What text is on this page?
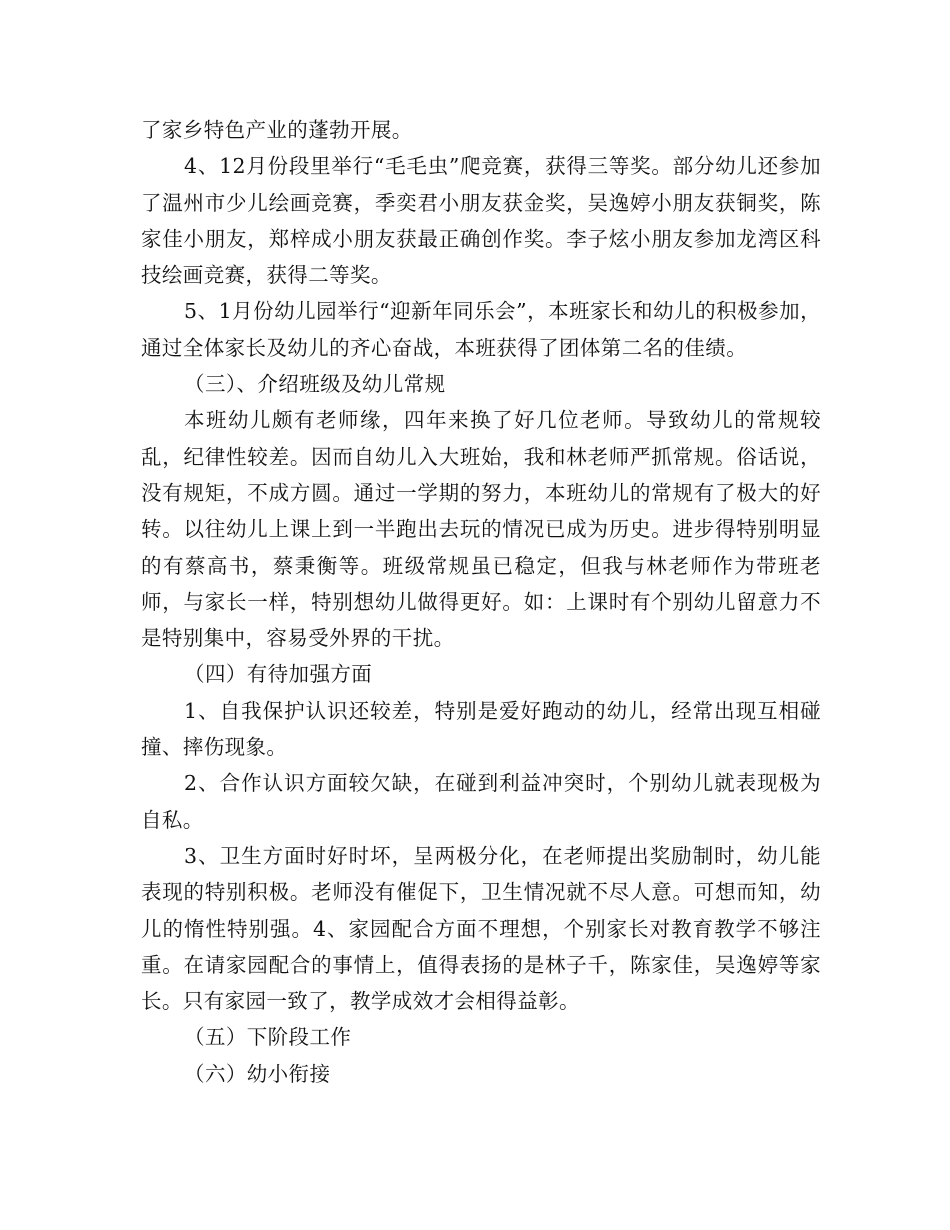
了家乡特色产业的蓬勃开展。

4、12月份段里举行“毛毛虫”爬竞赛，获得三等奖。部分幼儿还参加了温州市少儿绘画竞赛，季奕君小朋友获金奖，吴逸婷小朋友获铜奖，陈家佳小朋友，郑梓成小朋友获最正确创作奖。李子炫小朋友参加龙湾区科技绘画竞赛，获得二等奖。

5、1月份幼儿园举行“迎新年同乐会”，本班家长和幼儿的积极参加，通过全体家长及幼儿的齐心奋战，本班获得了团体第二名的佳绩。

（三）、介绍班级及幼儿常规

本班幼儿颇有老师缘，四年来换了好几位老师。导致幼儿的常规较乱，纪律性较差。因而自幼儿入大班始，我和林老师严抓常规。俗话说，没有规矩，不成方圆。通过一学期的努力，本班幼儿的常规有了极大的好转。以往幼儿上课上到一半跑出去玩的情况已成为历史。进步得特别明显的有蔡高书，蔡秉衡等。班级常规虽已稳定，但我与林老师作为带班老师，与家长一样，特别想幼儿做得更好。如：上课时有个别幼儿留意力不是特别集中，容易受外界的干扰。

（四）有待加强方面

1、自我保护认识还较差，特别是爱好跑动的幼儿，经常出现互相碰撞、摔伤现象。

2、合作认识方面较欠缺，在碰到利益冲突时，个别幼儿就表现极为自私。

3、卫生方面时好时坏，呈两极分化，在老师提出奖励制时，幼儿能表现的特别积极。老师没有催促下，卫生情况就不尽人意。可想而知，幼儿的惰性特别强。4、家园配合方面不理想，个别家长对教育教学不够注重。在请家园配合的事情上，值得表扬的是林子千，陈家佳，吴逸婷等家长。只有家园一致了，教学成效才会相得益彰。

（五）下阶段工作

（六）幼小衔接
